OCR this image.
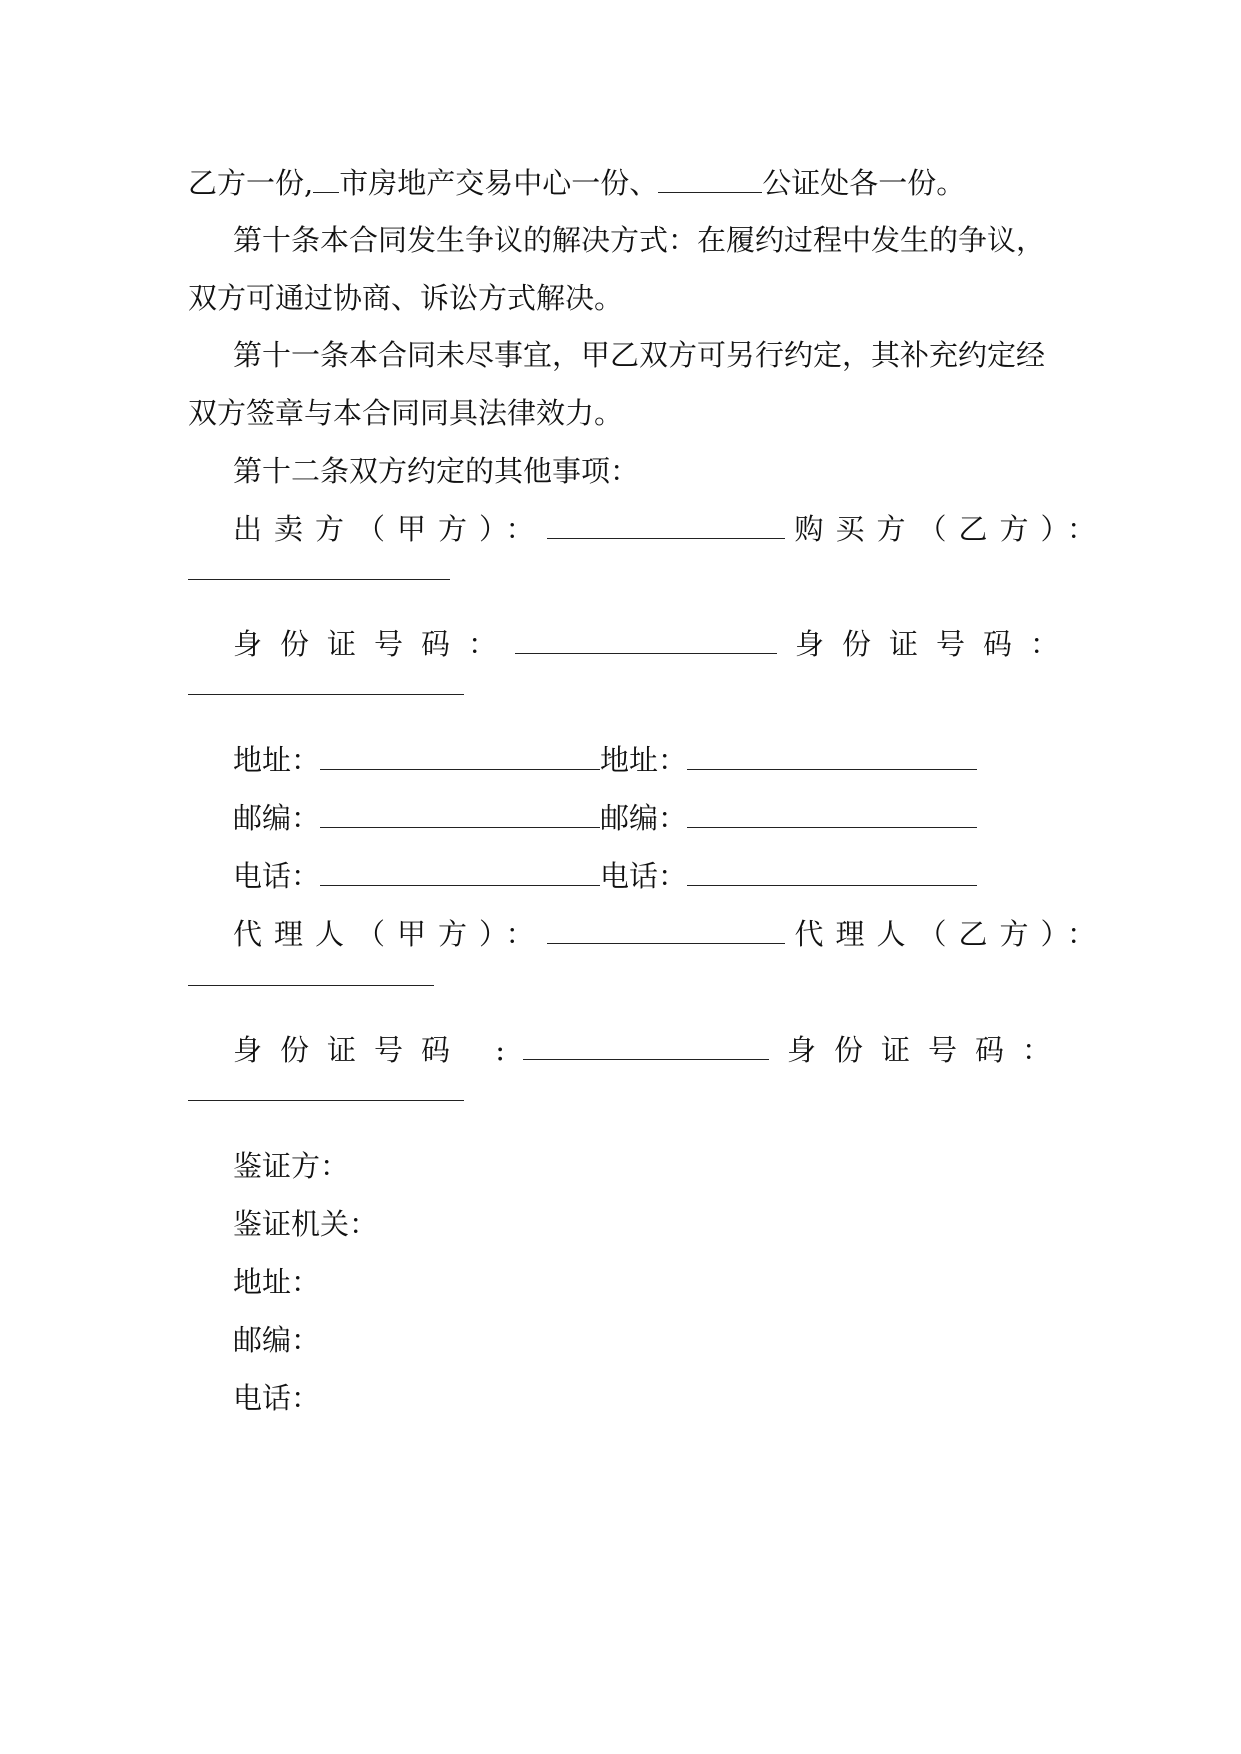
乙方一份, 市房地产交易中心一份、	公证处各一份。
第十条本合同发生争议的解决方式：在履约过程中发生的争议，
双方可通过协商、诉讼方式解决。
第十一条本合同未尽事宜，甲乙双方可另行约定，其补充约定经
双方签章与本合同同具法律效力。
第十二条双方约定的其他事项：
出卖方（甲方）：	购买方（乙方）：
身份证号码：	身份证号码：
地址：	地址：
邮编：	邮编：
电话：	电话：
代理人（甲方）：	代理人（乙方）：
身份证号码 :	身份证号码：
鉴证方：
鉴证机关：
地址：
邮编：
电话：
